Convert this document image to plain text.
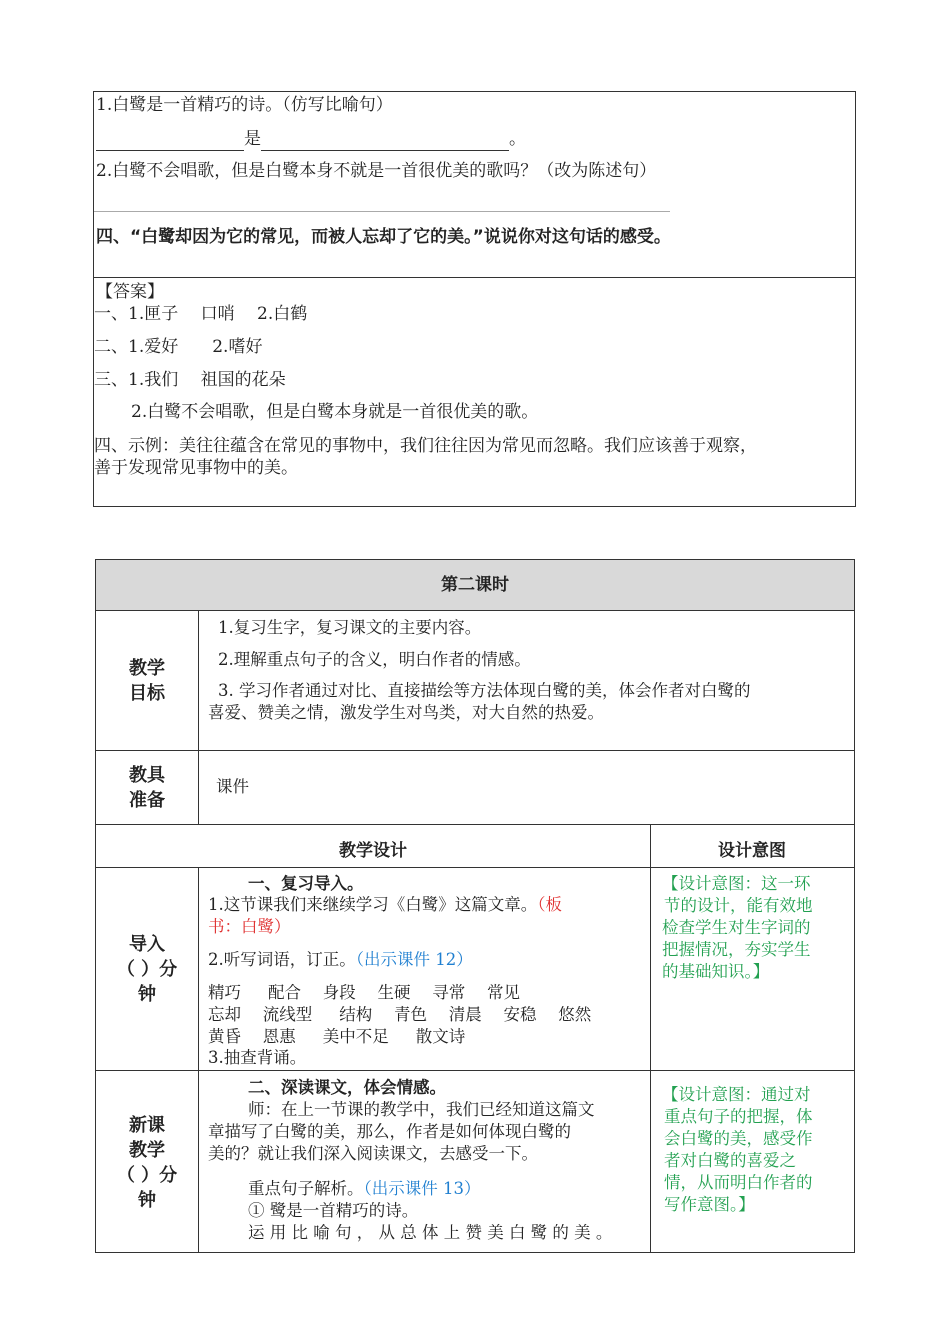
1.白鹭是一首精巧的诗。（仿写比喻句）
是	。
2.白鹭不会唱歌，但是白鹭本身不就是一首很优美的歌吗？（改为陈述句）
四、“白鹭却因为它的常见，而被人忘却了它的美。”说说你对这句话的感受。
【答案】
一、1.匣子　 口哨　 2.白鹤
二、1.爱好　　2.嗜好
三、1.我们　 祖国的花朵
2.白鹭不会唱歌，但是白鹭本身就是一首很优美的歌。
四、示例：美往往蕴含在常见的事物中，我们往往因为常见而忽略。我们应该善于观察，
善于发现常见事物中的美。
第二课时
教学
目标
1.复习生字，复习课文的主要内容。
2.理解重点句子的含义，明白作者的情感。
3. 学习作者通过对比、直接描绘等方法体现白鹭的美，体会作者对白鹭的
喜爱、赞美之情，激发学生对鸟类，对大自然的热爱。
教具
准备
课件
教学设计	设计意图
导入
（ ）分
钟
一、复习导入。
1.这节课我们来继续学习《白鹭》这篇文章。（板
书：白鹭）
2.听写词语，订正。（出示课件 12）
精巧　  配合　 身段　 生硬　 寻常　 常见
忘却　 流线型　  结构　 青色　 清晨　 安稳　 悠然
黄昏　 恩惠　  美中不足　  散文诗
3.抽查背诵。
【设计意图：这一环
节的设计，能有效地
检查学生对生字词的
把握情况，夯实学生
的基础知识。】
新课
教学
（ ）分
钟
二、深读课文，体会情感。
师：在上一节课的教学中，我们已经知道这篇文
章描写了白鹭的美，那么，作者是如何体现白鹭的
美的？就让我们深入阅读课文，去感受一下。
重点句子解析。（出示课件 13）
① 鹭是一首精巧的诗。
运 用 比 喻 句 ， 从 总 体 上 赞 美 白 鹭 的 美 。
【设计意图：通过对
重点句子的把握，体
会白鹭的美，感受作
者对白鹭的喜爱之
情，从而明白作者的
写作意图。】
